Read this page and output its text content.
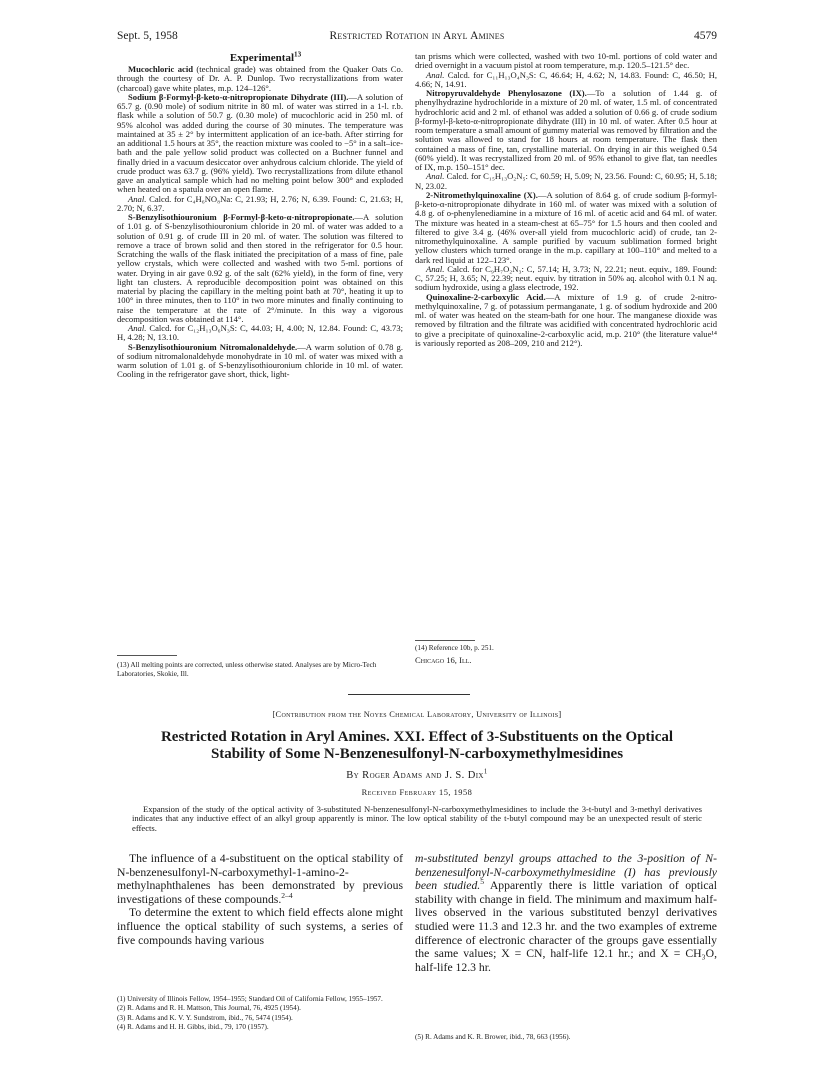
Sept. 5, 1958	Restricted Rotation in Aryl Amines	4579

Experimental$^{13}$

Mucochloric acid (technical grade) was obtained from the Quaker Oats Co. through the courtesy of Dr. A. P. Dunlop. Two recrystallizations from water (charcoal) gave white plates, m.p. 124–126°.

Sodium β-Formyl-β-keto-α-nitropropionate Dihydrate (III).—A solution of 65.7 g. (0.90 mole) of sodium nitrite in 80 ml. of water was stirred in a 1-l. r.b. flask while a solution of 50.7 g. (0.30 mole) of mucochloric acid in 250 ml. of 95% alcohol was added during the course of 30 minutes. The temperature was maintained at 35 ± 2° by intermittent application of an ice-bath. After stirring for an additional 1.5 hours at 35°, the reaction mixture was cooled to −5° in a salt–ice-bath and the pale yellow solid product was collected on a Buchner funnel and finally dried in a vacuum desiccator over anhydrous calcium chloride. The yield of crude product was 63.7 g. (96% yield). Two recrystallizations from dilute ethanol gave an analytical sample which had no melting point below 300° and exploded when heated on a spatula over an open flame.

Anal. Calcd. for C₄H₆NO₈Na: C, 21.93; H, 2.76; N, 6.39. Found: C, 21.63; H, 2.70; N, 6.37.

S-Benzylisothiouronium β-Formyl-β-keto-α-nitropropionate.—A solution of 1.01 g. of S-benzylisothiouronium chloride in 20 ml. of water was added to a solution of 0.91 g. of crude III in 20 ml. of water. The solution was filtered to remove a trace of brown solid and then stored in the refrigerator for 0.5 hour. Scratching the walls of the flask initiated the precipitation of a mass of fine, pale yellow crystals, which were collected and washed with two 5-ml. portions of water. Drying in air gave 0.92 g. of the salt (62% yield), in the form of fine, very light tan clusters. A reproducible decomposition point was obtained on this material by placing the capillary in the melting point bath at 70°, heating it up to 100° in three minutes, then to 110° in two more minutes and finally continuing to raise the temperature at the rate of 2°/minute. In this way a vigorous decomposition was obtained at 114°.

Anal. Calcd. for C₁₂H₁₃O₆N₃S: C, 44.03; H, 4.00; N, 12.84. Found: C, 43.73; H, 4.28; N, 13.10.

S-Benzylisothiouronium Nitromalonaldehyde.—A warm solution of 0.78 g. of sodium nitromalonaldehyde monohydrate in 10 ml. of water was mixed with a warm solution of 1.01 g. of S-benzylisothiouronium chloride in 10 ml. of water. Cooling in the refrigerator gave short, thick, light-

(13) All melting points are corrected, unless otherwise stated. Analyses are by Micro-Tech Laboratories, Skokie, Ill.

tan prisms which were collected, washed with two 10-ml. portions of cold water and dried overnight in a vacuum pistol at room temperature, m.p. 120.5–121.5° dec.

Anal. Calcd. for C₁₁H₁₃O₄N₃S: C, 46.64; H, 4.62; N, 14.83. Found: C, 46.50; H, 4.66; N, 14.91.

Nitropyruvaldehyde Phenylosazone (IX).—To a solution of 1.44 g. of phenylhydrazine hydrochloride in a mixture of 20 ml. of water, 1.5 ml. of concentrated hydrochloric acid and 2 ml. of ethanol was added a solution of 0.66 g. of crude sodium β-formyl-β-keto-α-nitropropionate dihydrate (III) in 10 ml. of water. After 0.5 hour at room temperature a small amount of gummy material was removed by filtration and the solution was allowed to stand for 18 hours at room temperature. The flask then contained a mass of fine, tan, crystalline material. On drying in air this weighed 0.54 (60% yield). It was recrystallized from 20 ml. of 95% ethanol to give flat, tan needles of IX, m.p. 150–151° dec.

Anal. Calcd. for C₁₅H₁₃O₂N₅: C, 60.59; H, 5.09; N, 23.56. Found: C, 60.95; H, 5.18; N, 23.02.

2-Nitromethylquinoxaline (X).—A solution of 8.64 g. of crude sodium β-formyl-β-keto-α-nitropropionate dihydrate in 160 ml. of water was mixed with a solution of 4.8 g. of o-phenylenediamine in a mixture of 16 ml. of acetic acid and 64 ml. of water. The mixture was heated in a steam-chest at 65–75° for 1.5 hours and then cooled and filtered to give 3.4 g. (46% over-all yield from mucochloric acid) of crude, tan 2-nitromethylquinoxaline. A sample purified by vacuum sublimation formed bright yellow clusters which turned orange in the m.p. capillary at 100–110° and melted to a dark red liquid at 122–123°.

Anal. Calcd. for C₉H₇O₂N₃: C, 57.14; H, 3.73; N, 22.21; neut. equiv., 189. Found: C, 57.25; H, 3.65; N, 22.39; neut. equiv. by titration in 50% aq. alcohol with 0.1 N aq. sodium hydroxide, using a glass electrode, 192.

Quinoxaline-2-carboxylic Acid.—A mixture of 1.9 g. of crude 2-nitro-methylquinoxaline, 7 g. of potassium permanganate, 1 g. of sodium hydroxide and 200 ml. of water was heated on the steam-bath for one hour. The manganese dioxide was removed by filtration and the filtrate was acidified with concentrated hydrochloric acid to give a precipitate of quinoxaline-2-carboxylic acid, m.p. 210° (the literature value¹⁴ is variously reported as 208–209, 210 and 212°).

(14) Reference 10b, p. 251.
Chicago 16, Ill.
[Contribution from the Noyes Chemical Laboratory, University of Illinois]
Restricted Rotation in Aryl Amines. XXI. Effect of 3-Substituents on the Optical
Stability of Some N-Benzenesulfonyl-N-carboxymethylmesidines
By Roger Adams and J. S. Dix$^1$
Received February 15, 1958
Expansion of the study of the optical activity of 3-substituted N-benzenesulfonyl-N-carboxymethylmesidines to include the 3-t-butyl and 3-methyl derivatives indicates that any inductive effect of an alkyl group apparently is minor. The low optical stability of the t-butyl compound may be an unexpected result of steric effects.

The influence of a 4-substituent on the optical stability of N-benzenesulfonyl-N-carboxymethyl-1-amino-2-methylnaphthalenes has been demonstrated by previous investigations of these compounds.$^{2-4}$

To determine the extent to which field effects alone might influence the optical stability of such systems, a series of five compounds having various

(1) University of Illinois Fellow, 1954–1955; Standard Oil of California Fellow, 1955–1957.
(2) R. Adams and R. H. Mattson, This Journal, 76, 4925 (1954).
(3) R. Adams and K. V. Y. Sundstrom, ibid., 76, 5474 (1954).
(4) R. Adams and H. H. Gibbs, ibid., 79, 170 (1957).

m-substituted benzyl groups attached to the 3-position of N-benzenesulfonyl-N-carboxymethylmesidine (I) has previously been studied.$^5$ Apparently there is little variation of optical stability with change in field. The minimum and maximum half-lives observed in the various substituted benzyl derivatives studied were 11.3 and 12.3 hr. and the two examples of extreme difference of electronic character of the groups gave essentially the same values; X = CN, half-life 12.1 hr.; and X = CH₃O, half-life 12.3 hr.

(5) R. Adams and K. R. Brower, ibid., 78, 663 (1956).
